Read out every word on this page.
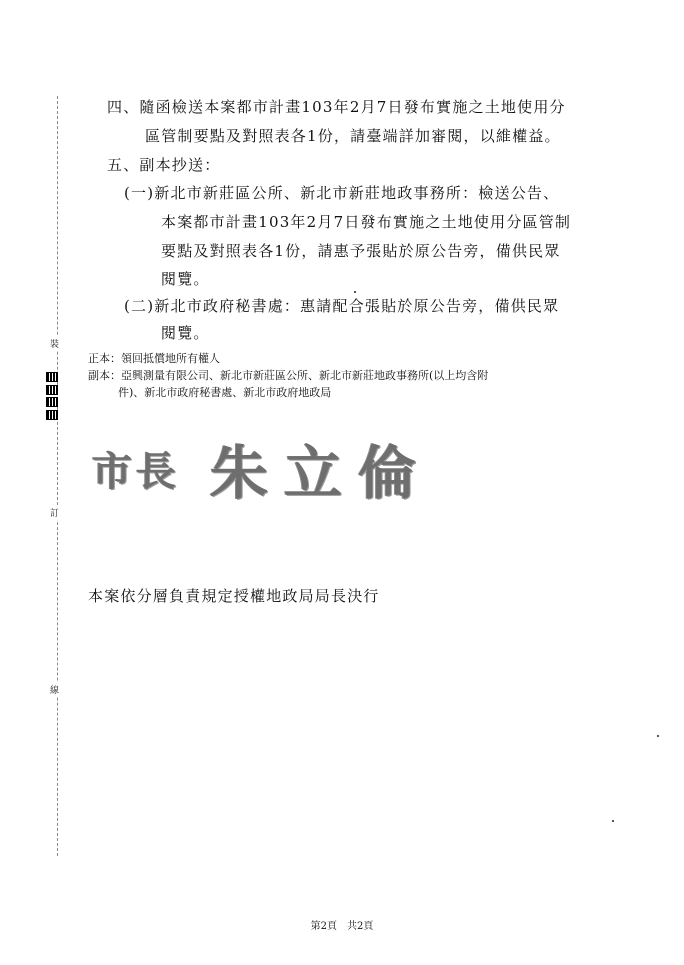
裝
訂
線
四、隨函檢送本案都市計畫103年2月7日發布實施之土地使用分
區管制要點及對照表各1份，請臺端詳加審閱，以維權益。
五、副本抄送：
(一)新北市新莊區公所、新北市新莊地政事務所：檢送公告、
本案都市計畫103年2月7日發布實施之土地使用分區管制
要點及對照表各1份，請惠予張貼於原公告旁，備供民眾
閱覽。
(二)新北市政府秘書處：惠請配合張貼於原公告旁，備供民眾
閱覽。
正本：領回抵償地所有權人
副本：亞興測量有限公司、新北市新莊區公所、新北市新莊地政事務所(以上均含附
件)、新北市政府秘書處、新北市政府地政局
市長 朱立倫
本案依分層負責規定授權地政局局長決行
第2頁　共2頁
